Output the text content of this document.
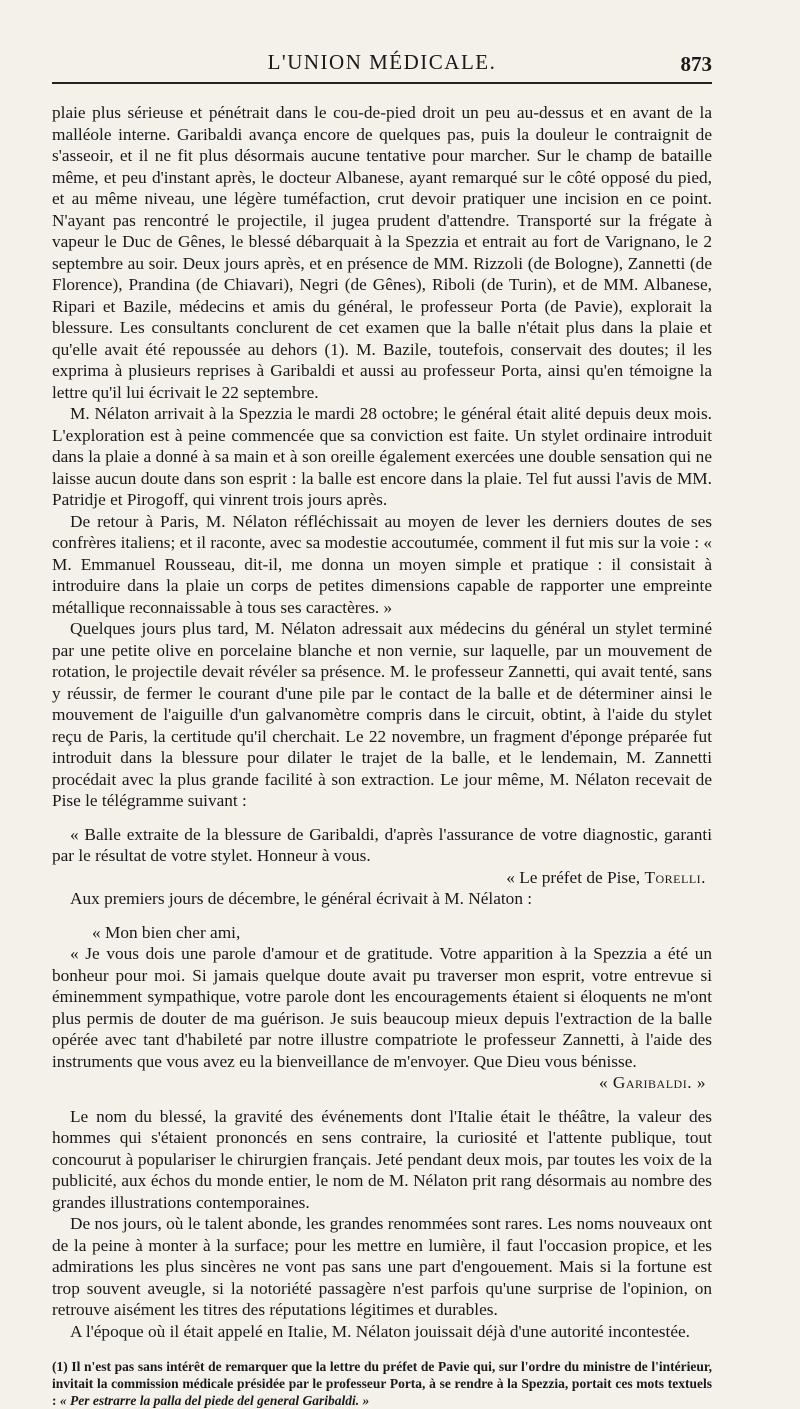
L'UNION MÉDICALE.	873

plaie plus sérieuse et pénétrait dans le cou-de-pied droit un peu au-dessus et en avant de la malléole interne. Garibaldi avança encore de quelques pas, puis la douleur le contraignit de s'asseoir, et il ne fit plus désormais aucune tentative pour marcher. Sur le champ de bataille même, et peu d'instant après, le docteur Albanese, ayant remarqué sur le côté opposé du pied, et au même niveau, une légère tuméfaction, crut devoir pratiquer une incision en ce point. N'ayant pas rencontré le projectile, il jugea prudent d'attendre. Transporté sur la frégate à vapeur le Duc de Gênes, le blessé débarquait à la Spezzia et entrait au fort de Varignano, le 2 septembre au soir. Deux jours après, et en présence de MM. Rizzoli (de Bologne), Zannetti (de Florence), Prandina (de Chiavari), Negri (de Gênes), Riboli (de Turin), et de MM. Albanese, Ripari et Bazile, médecins et amis du général, le professeur Porta (de Pavie), explorait la blessure. Les consultants conclurent de cet examen que la balle n'était plus dans la plaie et qu'elle avait été repoussée au dehors (1). M. Bazile, toutefois, conservait des doutes; il les exprima à plusieurs reprises à Garibaldi et aussi au professeur Porta, ainsi qu'en témoigne la lettre qu'il lui écrivait le 22 septembre.

M. Nélaton arrivait à la Spezzia le mardi 28 octobre; le général était alité depuis deux mois. L'exploration est à peine commencée que sa conviction est faite. Un stylet ordinaire introduit dans la plaie a donné à sa main et à son oreille également exercées une double sensation qui ne laisse aucun doute dans son esprit : la balle est encore dans la plaie. Tel fut aussi l'avis de MM. Patridje et Pirogoff, qui vinrent trois jours après.

De retour à Paris, M. Nélaton réfléchissait au moyen de lever les derniers doutes de ses confrères italiens; et il raconte, avec sa modestie accoutumée, comment il fut mis sur la voie : « M. Emmanuel Rousseau, dit-il, me donna un moyen simple et pratique : il consistait à introduire dans la plaie un corps de petites dimensions capable de rapporter une empreinte métallique reconnaissable à tous ses caractères. »

Quelques jours plus tard, M. Nélaton adressait aux médecins du général un stylet terminé par une petite olive en porcelaine blanche et non vernie, sur laquelle, par un mouvement de rotation, le projectile devait révéler sa présence. M. le professeur Zannetti, qui avait tenté, sans y réussir, de fermer le courant d'une pile par le contact de la balle et de déterminer ainsi le mouvement de l'aiguille d'un galvanomètre compris dans le circuit, obtint, à l'aide du stylet reçu de Paris, la certitude qu'il cherchait. Le 22 novembre, un fragment d'éponge préparée fut introduit dans la blessure pour dilater le trajet de la balle, et le lendemain, M. Zannetti procédait avec la plus grande facilité à son extraction. Le jour même, M. Nélaton recevait de Pise le télégramme suivant :

« Balle extraite de la blessure de Garibaldi, d'après l'assurance de votre diagnostic, garanti par le résultat de votre stylet. Honneur à vous.

« Le préfet de Pise, Torelli.

Aux premiers jours de décembre, le général écrivait à M. Nélaton :

« Mon bien cher ami,

« Je vous dois une parole d'amour et de gratitude. Votre apparition à la Spezzia a été un bonheur pour moi. Si jamais quelque doute avait pu traverser mon esprit, votre entrevue si éminemment sympathique, votre parole dont les encouragements étaient si éloquents ne m'ont plus permis de douter de ma guérison. Je suis beaucoup mieux depuis l'extraction de la balle opérée avec tant d'habileté par notre illustre compatriote le professeur Zannetti, à l'aide des instruments que vous avez eu la bienveillance de m'envoyer. Que Dieu vous bénisse.

« Garibaldi. »

Le nom du blessé, la gravité des événements dont l'Italie était le théâtre, la valeur des hommes qui s'étaient prononcés en sens contraire, la curiosité et l'attente publique, tout concourut à populariser le chirurgien français. Jeté pendant deux mois, par toutes les voix de la publicité, aux échos du monde entier, le nom de M. Nélaton prit rang désormais au nombre des grandes illustrations contemporaines.

De nos jours, où le talent abonde, les grandes renommées sont rares. Les noms nouveaux ont de la peine à monter à la surface; pour les mettre en lumière, il faut l'occasion propice, et les admirations les plus sincères ne vont pas sans une part d'engouement. Mais si la fortune est trop souvent aveugle, si la notoriété passagère n'est parfois qu'une surprise de l'opinion, on retrouve aisément les titres des réputations légitimes et durables.

A l'époque où il était appelé en Italie, M. Nélaton jouissait déjà d'une autorité incontestée.

(1) Il n'est pas sans intérêt de remarquer que la lettre du préfet de Pavie qui, sur l'ordre du ministre de l'intérieur, invitait la commission médicale présidée par le professeur Porta, à se rendre à la Spezzia, portait ces mots textuels : « Per estrarre la palla del piede del general Garibaldi. »
